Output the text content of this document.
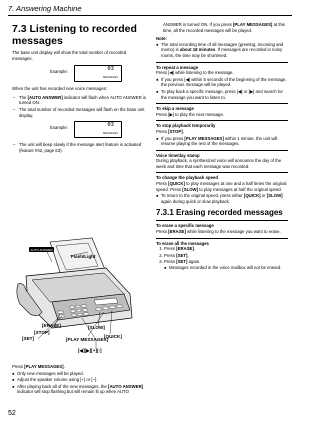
7. Answering Machine
7.3 Listening to recorded
messages

The base unit display will show the total number of recorded messages.

Example:	03
MESSAGES

When the unit has recorded new voice messages:

– The [AUTO ANSWER] indicator will flash when AUTO ANSWER is turned ON.
– The total number of recorded messages will flash on the base unit display.
Example:	03
MESSAGES
– The unit will beep slowly if the message alert feature is activated (feature #42, page 63).
AUTO ANSWER
Flash/Light
[ERASE]
[STOP]
[SET]
[SLOW]
[QUICK]
[PLAY MESSAGES]
[◀][▶][+][-]

Press [PLAY MESSAGES].

● Only new messages will be played.
● Adjust the speaker volume using [+] or [–].
● After playing back all of the new messages, the [AUTO ANSWER] indicator will stop flashing but will remain lit up when AUTO

ANSWER is turned ON. If you press [PLAY MESSAGES] at this time, all the recorded messages will be played.

Note:

● The total recording time of all messages (greeting, incoming and memo) is about 18 minutes. If messages are recorded in noisy rooms, the time may be shortened.

To repeat a message

Press [◀] while listening to the message.

● If you press [◀] within 5 seconds of the beginning of the message, the previous message will be played.
● To play back a specific message, press [◀] or [▶] and search for the message you want to listen to.

To skip a message

Press [▶] to play the next message.

To stop playback temporarily

Press [STOP].

● If you press [PLAY MESSAGES] within 1 minute, the unit will resume playing the rest of the messages.

Voice time/day stamp

During playback, a synthesized voice will announce the day of the week and time that each message was recorded.

To change the playback speed

Press [QUICK] to play messages at one and a half times the original speed. Press [SLOW] to play messages at half the original speed.

● To return to the original speed, press either [QUICK] or [SLOW] again during quick or slow playback.
7.3.1 Erasing recorded messages

To erase a specific message

Press [ERASE] while listening to the message you want to erase.

To erase all the messages

1. Press [ERASE].
2. Press [SET].
3. Press [SET] again.
● Messages recorded in the voice mailbox will not be erased.
52
